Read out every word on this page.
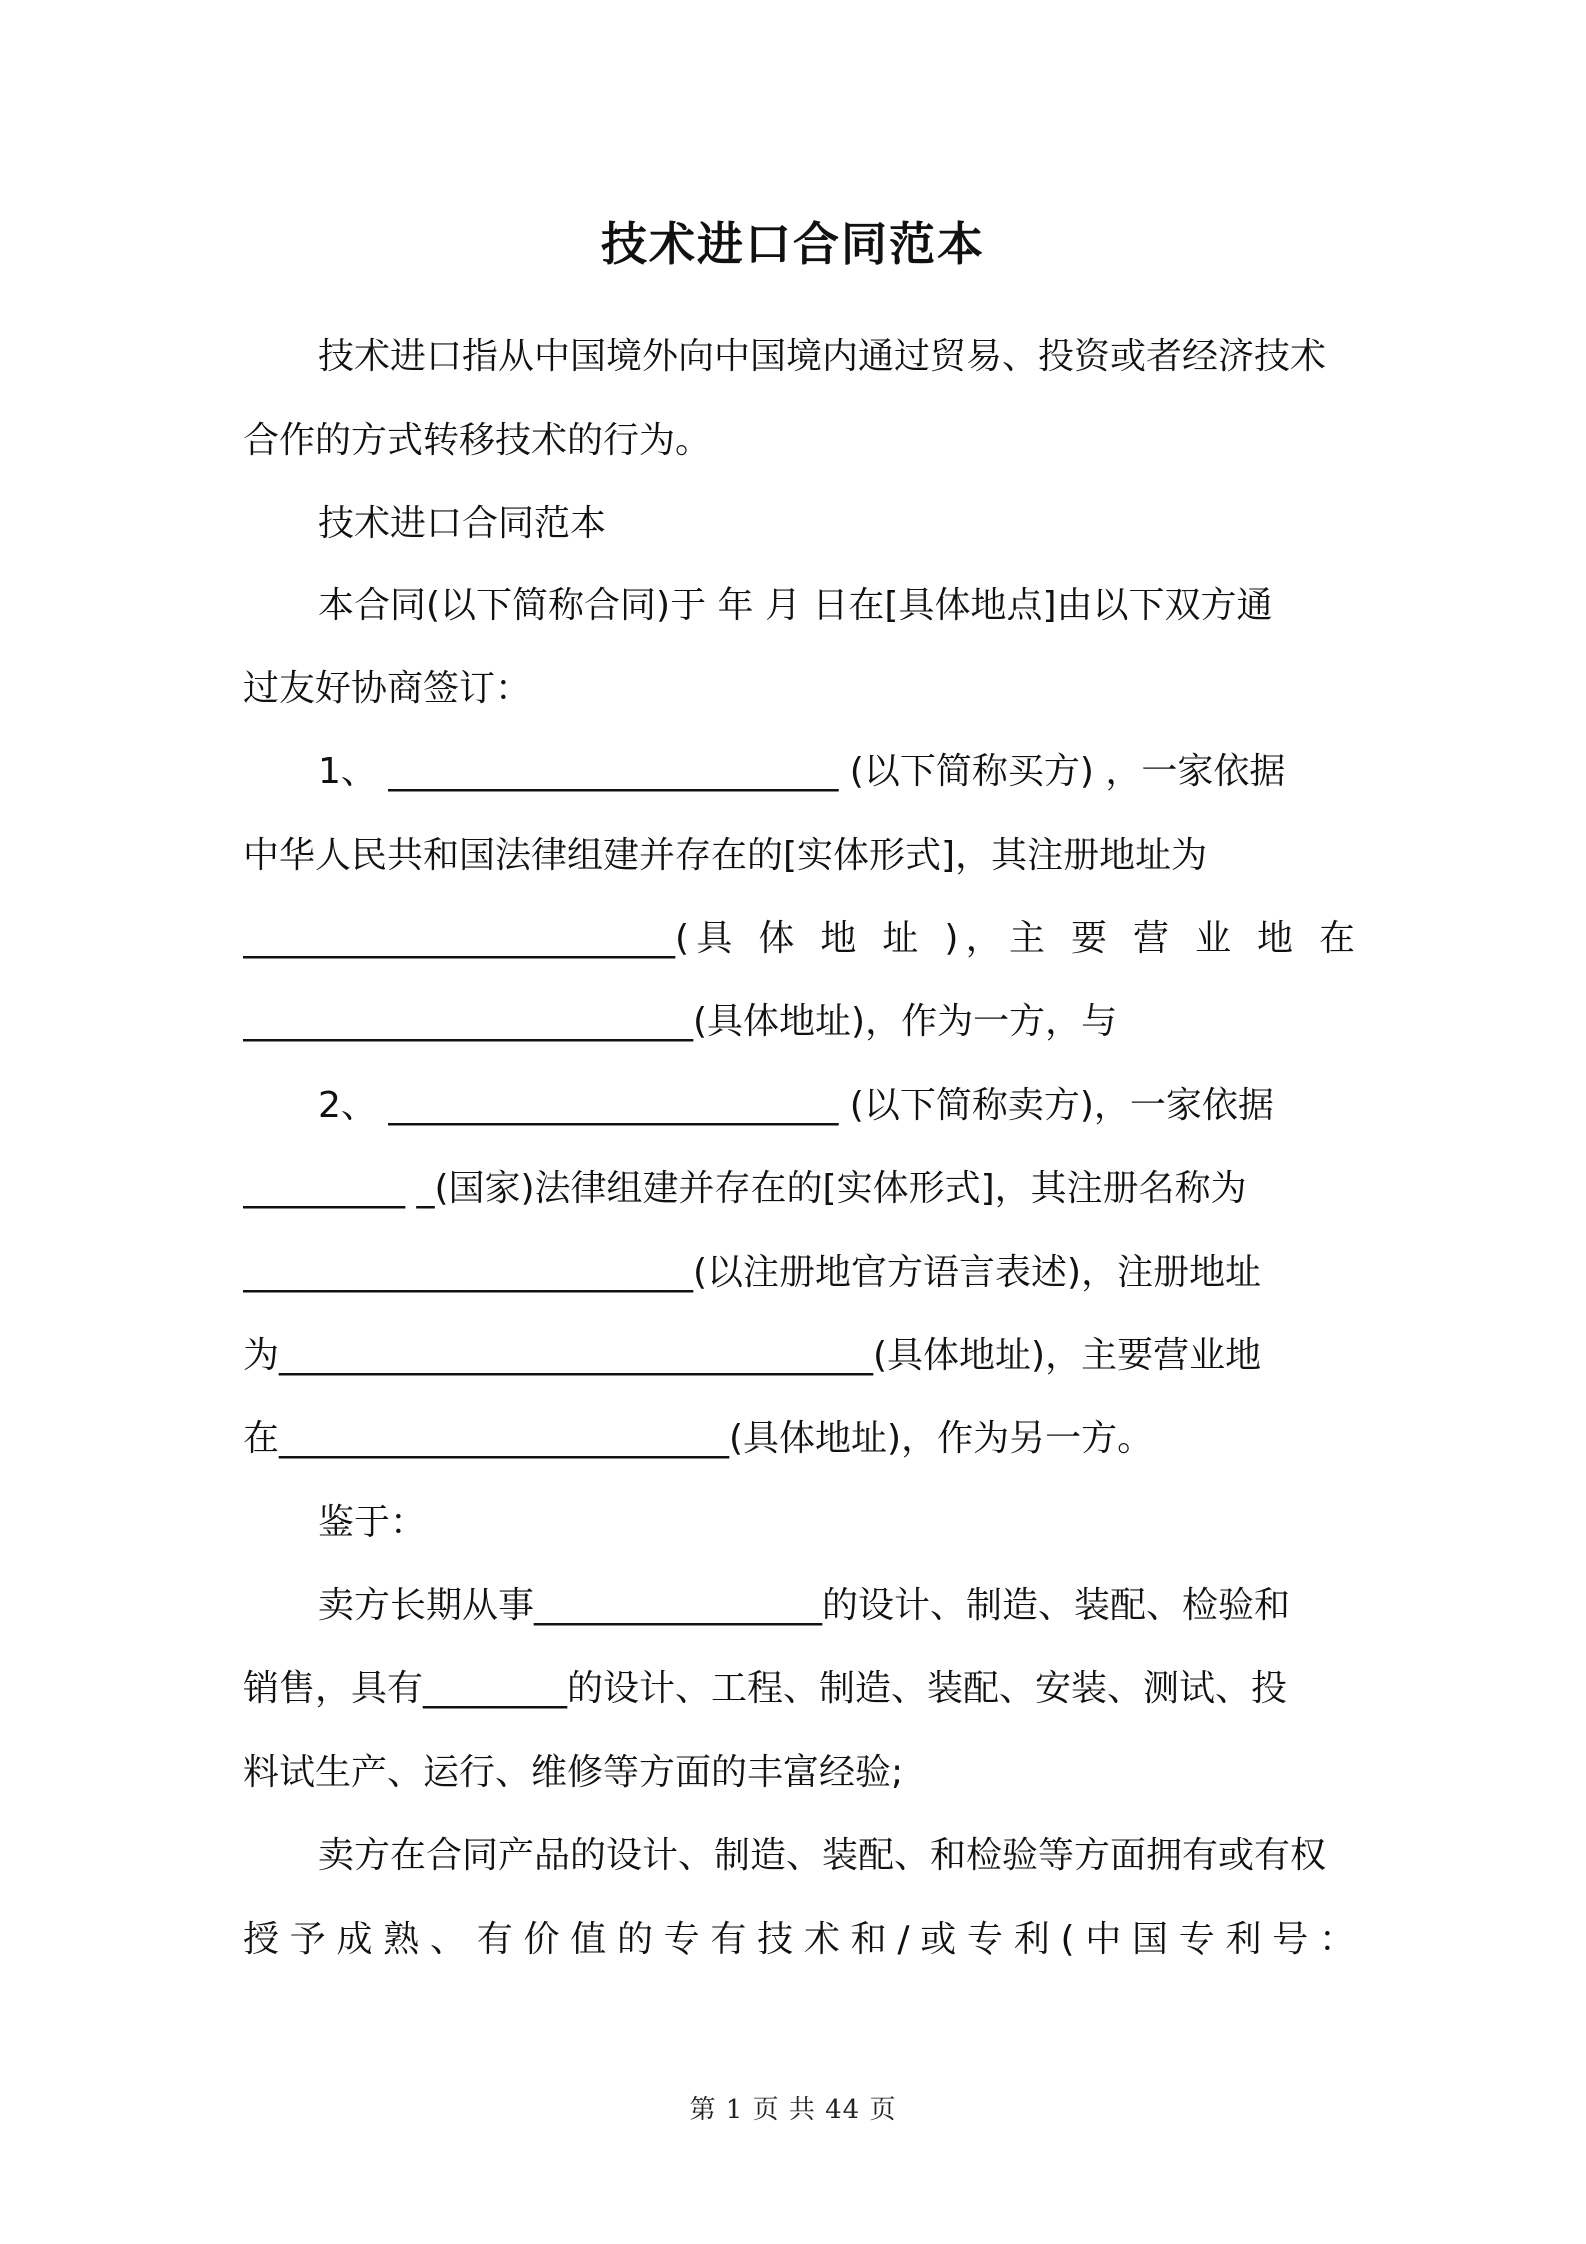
技术进口合同范本
技术进口指从中国境外向中国境内通过贸易、投资或者经济技术
合作的方式转移技术的行为。
技术进口合同范本
本合同(以下简称合同)于 年 月 日在[具体地点]由以下双方通
过友好协商签订：
1、 _________________________ (以下简称买方) ，一家依据
中华人民共和国法律组建并存在的[实体形式]，其注册地址为
________________________(具 体 地 址 )，主 要 营 业 地 在
_________________________(具体地址)，作为一方，与
2、 _________________________ (以下简称卖方)，一家依据
_________ _(国家)法律组建并存在的[实体形式]，其注册名称为
_________________________(以注册地官方语言表述)，注册地址
为_________________________________(具体地址)，主要营业地
在_________________________(具体地址)，作为另一方。
鉴于：
卖方长期从事________________的设计、制造、装配、检验和
销售，具有________的设计、工程、制造、装配、安装、测试、投
料试生产、运行、维修等方面的丰富经验;
卖方在合同产品的设计、制造、装配、和检验等方面拥有或有权
授予成熟、有价值的专有技术和/或专利(中国专利号：
第 1 页 共 44 页
